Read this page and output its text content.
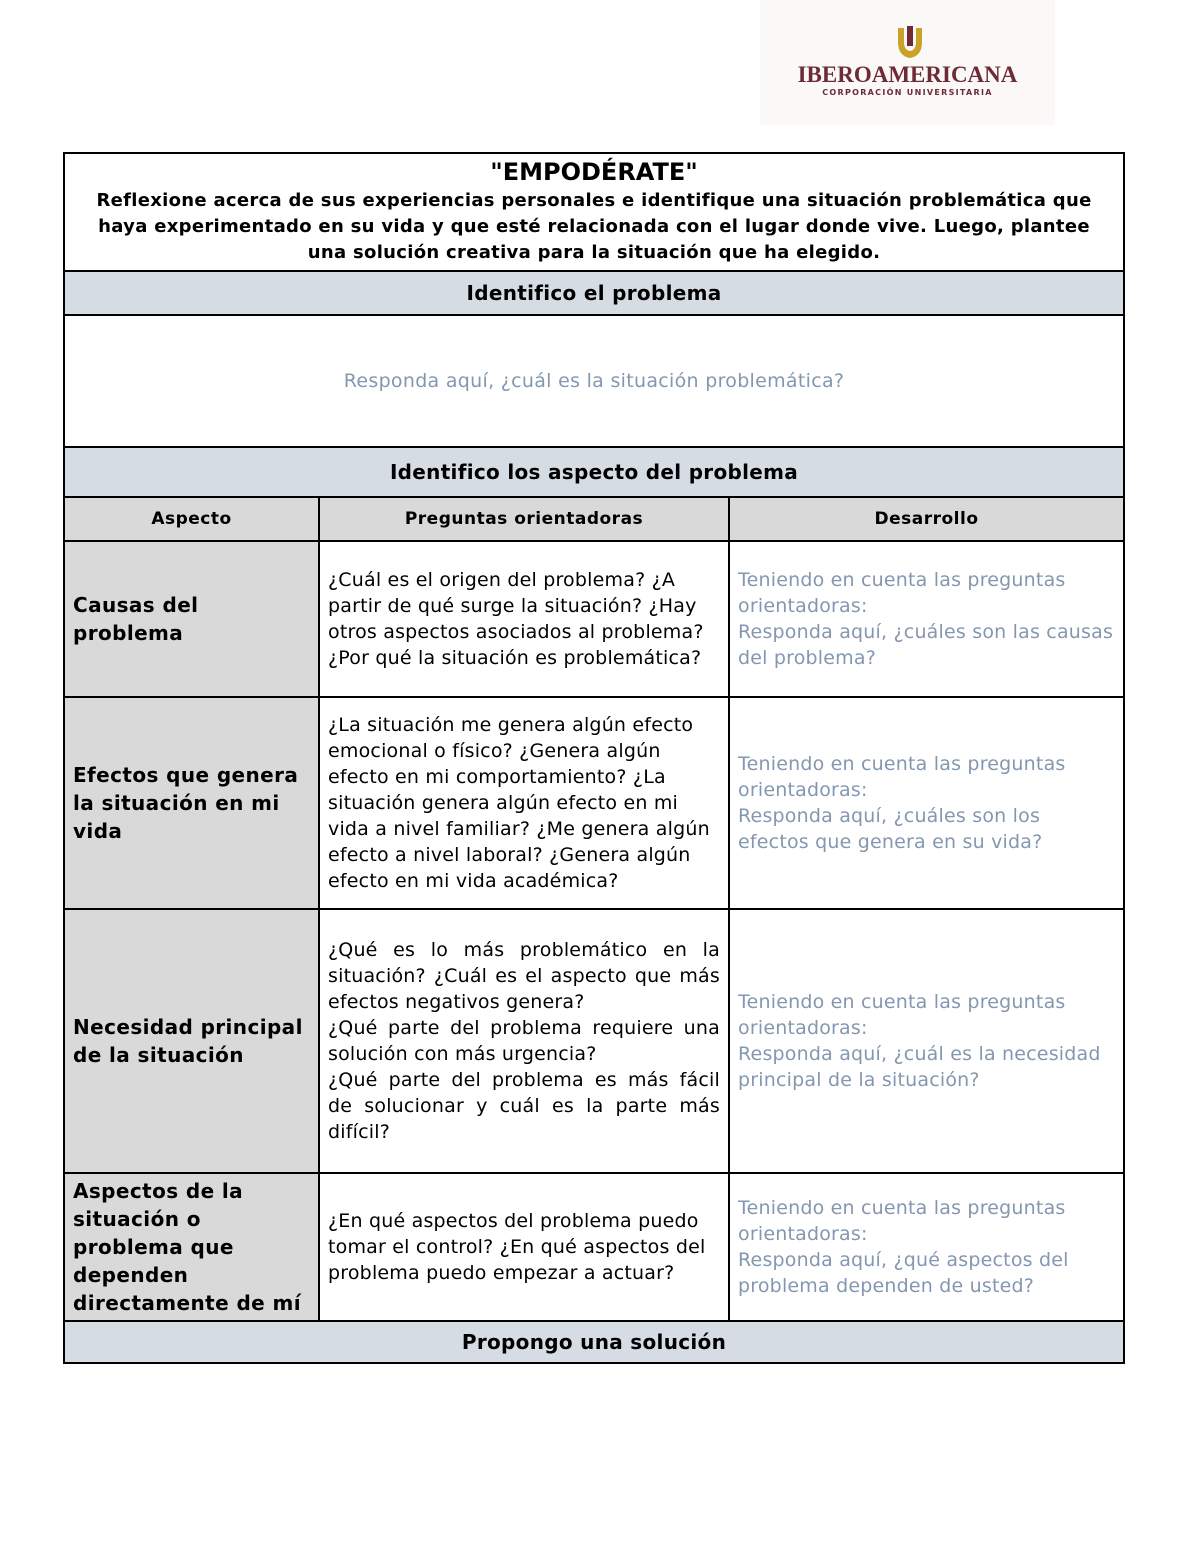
IBEROAMERICANA
CORPORACIÓN UNIVERSITARIA
"EMPODÉRATE"
Reflexione acerca de sus experiencias personales e identifique una situación problemática que haya experimentado en su vida y que esté relacionada con el lugar donde vive. Luego, plantee una solución creativa para la situación que ha elegido.		

Identifico el problema		
Responda aquí, ¿cuál es la situación problemática?		
Identifico los aspecto del problema		
Aspecto	Preguntas orientadoras	Desarrollo
Causas del problema	¿Cuál es el origen del problema? ¿A partir de qué surge la situación? ¿Hay otros aspectos asociados al problema? ¿Por qué la situación es problemática?	Teniendo en cuenta las preguntas orientadoras:
Responda aquí, ¿cuáles son las causas del problema?
Efectos que genera la situación en mi vida	¿La situación me genera algún efecto emocional o físico? ¿Genera algún efecto en mi comportamiento? ¿La situación genera algún efecto en mi vida a nivel familiar? ¿Me genera algún efecto a nivel laboral? ¿Genera algún efecto en mi vida académica?	Teniendo en cuenta las preguntas orientadoras:
Responda aquí, ¿cuáles son los efectos que genera en su vida?
Necesidad principal de la situación	¿Qué es lo más problemático en la situación? ¿Cuál es el aspecto que más efectos negativos genera?
¿Qué parte del problema requiere una solución con más urgencia?
¿Qué parte del problema es más fácil de solucionar y cuál es la parte más difícil?	Teniendo en cuenta las preguntas orientadoras:
Responda aquí, ¿cuál es la necesidad principal de la situación?
Aspectos de la situación o problema que dependen directamente de mí	¿En qué aspectos del problema puedo tomar el control? ¿En qué aspectos del problema puedo empezar a actuar?	Teniendo en cuenta las preguntas orientadoras:
Responda aquí, ¿qué aspectos del problema dependen de usted?
Propongo una solución		
